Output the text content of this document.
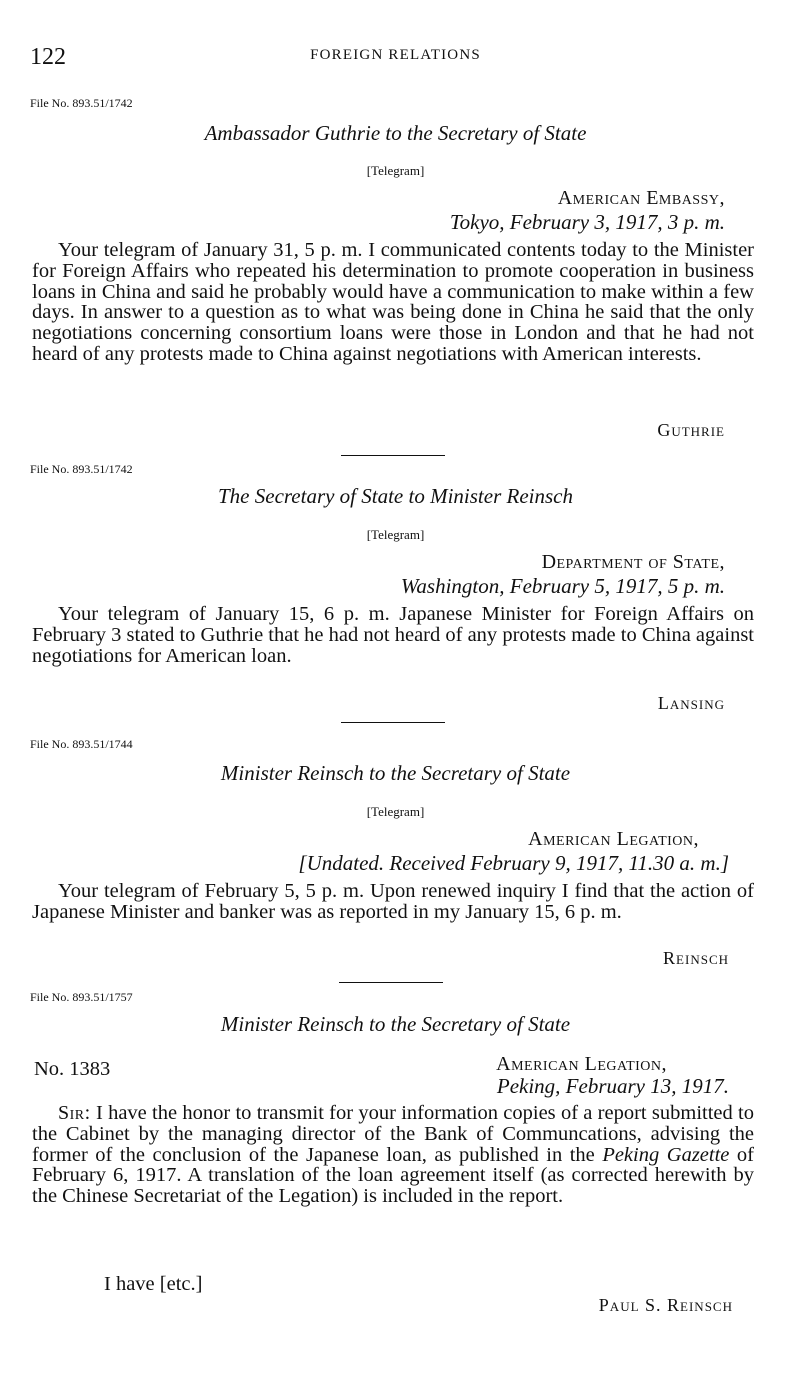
122	FOREIGN RELATIONS
File No. 893.51/1742
Ambassador Guthrie to the Secretary of State
[Telegram]
American Embassy,
Tokyo, February 3, 1917, 3 p. m.

Your telegram of January 31, 5 p. m. I communicated contents today to the Minister for Foreign Affairs who repeated his determination to promote cooperation in business loans in China and said he probably would have a communication to make within a few days. In answer to a question as to what was being done in China he said that the only negotiations concerning consortium loans were those in London and that he had not heard of any protests made to China against negotiations with American interests.

Guthrie
File No. 893.51/1742
The Secretary of State to Minister Reinsch
[Telegram]
Department of State,
Washington, February 5, 1917, 5 p. m.

Your telegram of January 15, 6 p. m. Japanese Minister for Foreign Affairs on February 3 stated to Guthrie that he had not heard of any protests made to China against negotiations for American loan.

Lansing
File No. 893.51/1744
Minister Reinsch to the Secretary of State
[Telegram]
American Legation,
[Undated. Received February 9, 1917, 11.30 a. m.]

Your telegram of February 5, 5 p. m. Upon renewed inquiry I find that the action of Japanese Minister and banker was as reported in my January 15, 6 p. m.

Reinsch
File No. 893.51/1757
Minister Reinsch to the Secretary of State
No. 1383	American Legation,
Peking, February 13, 1917.

Sir: I have the honor to transmit for your information copies of a report submitted to the Cabinet by the managing director of the Bank of Communcations, advising the former of the conclusion of the Japanese loan, as published in the Peking Gazette of February 6, 1917. A translation of the loan agreement itself (as corrected herewith by the Chinese Secretariat of the Legation) is included in the report.

I have [etc.]
Paul S. Reinsch
